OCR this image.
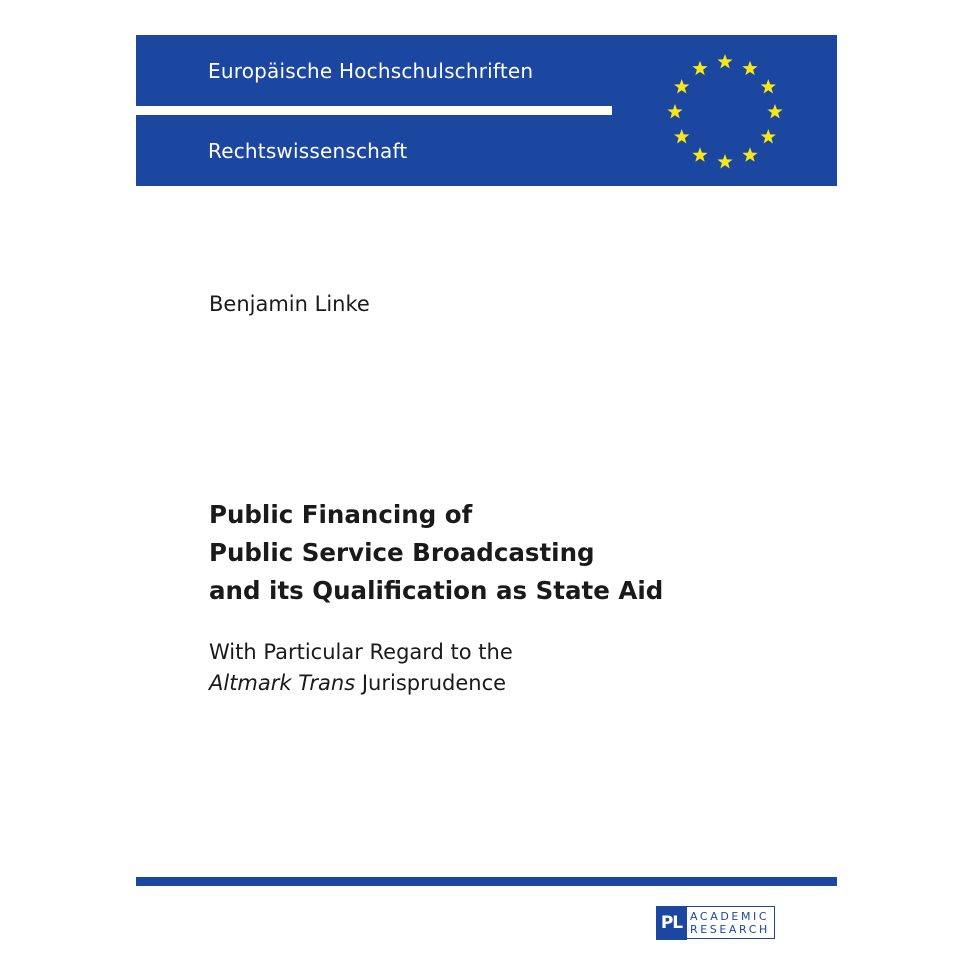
Europäische Hochschulschriften
Rechtswissenschaft
Benjamin Linke
Public Financing of
Public Service Broadcasting
and its Qualification as State Aid
With Particular Regard to the
Altmark Trans Jurisprudence
PL ACADEMIC
RESEARCH
